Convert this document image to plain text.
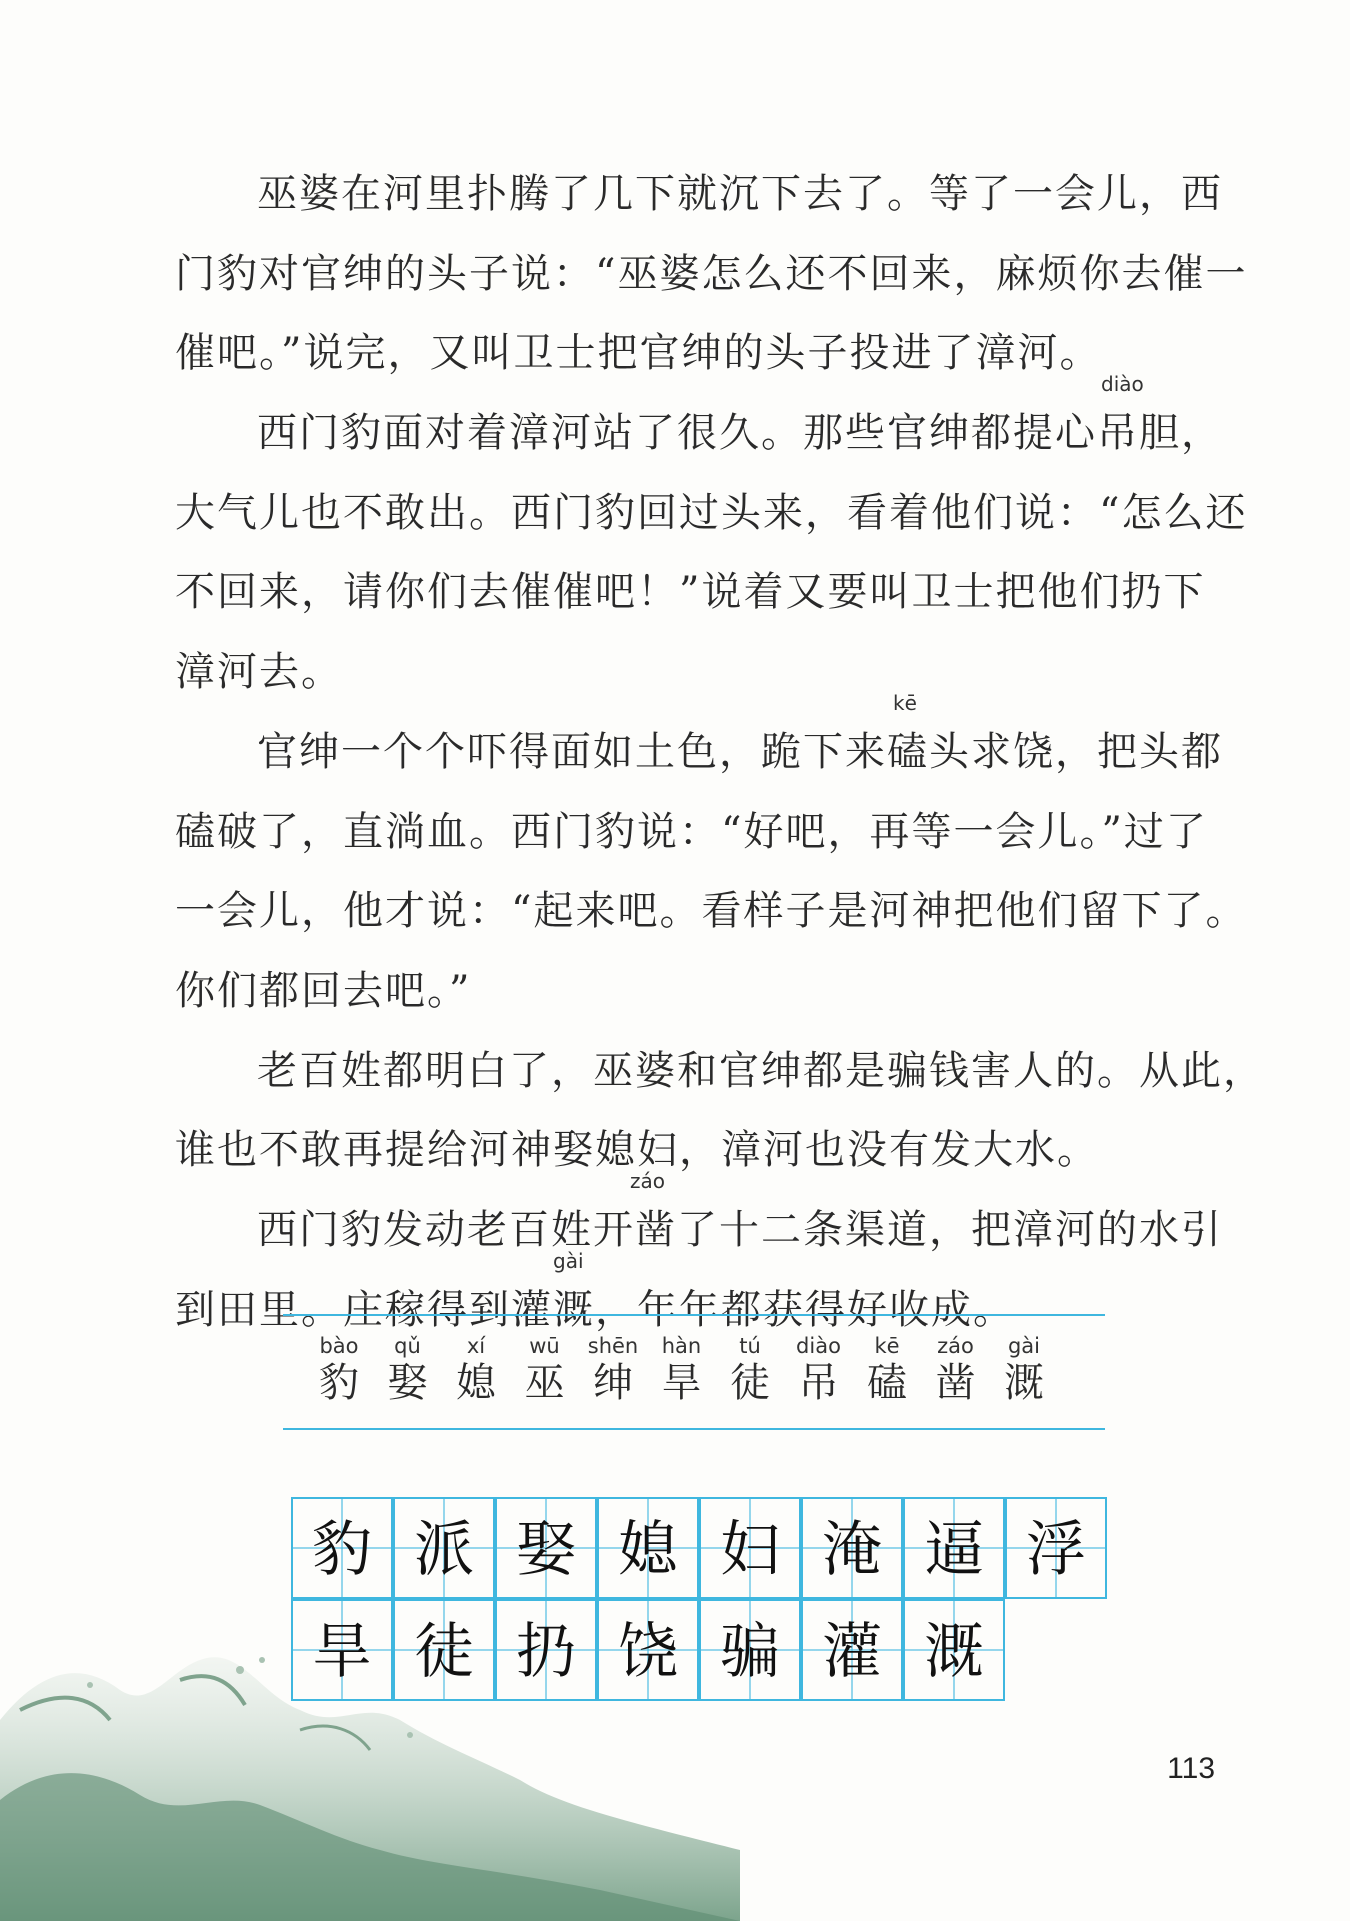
巫婆在河里扑腾了几下就沉下去了。等了一会儿，西
门豹对官绅的头子说：“巫婆怎么还不回来，麻烦你去催一
催吧。”说完，又叫卫士把官绅的头子投进了漳河。
diào
西门豹面对着漳河站了很久。那些官绅都提心吊胆，
大气儿也不敢出。西门豹回过头来，看着他们说：“怎么还
不回来，请你们去催催吧！”说着又要叫卫士把他们扔下
漳河去。
kē
官绅一个个吓得面如土色，跪下来磕头求饶，把头都
磕破了，直淌血。西门豹说：“好吧，再等一会儿。”过了
一会儿，他才说：“起来吧。看样子是河神把他们留下了。
你们都回去吧。”
老百姓都明白了，巫婆和官绅都是骗钱害人的。从此，
谁也不敢再提给河神娶媳妇，漳河也没有发大水。
záo
西门豹发动老百姓开凿了十二条渠道，把漳河的水引
gài
到田里。庄稼得到灌溉，年年都获得好收成。
bào
豹
qǔ
娶
xí
媳
wū
巫
shēn
绅
hàn
旱
tú
徒
diào
吊
kē
磕
záo
凿
gài
溉
113
豹 派 娶 媳 妇 淹 逼 浮
旱 徒 扔 饶 骗 灌 溉
